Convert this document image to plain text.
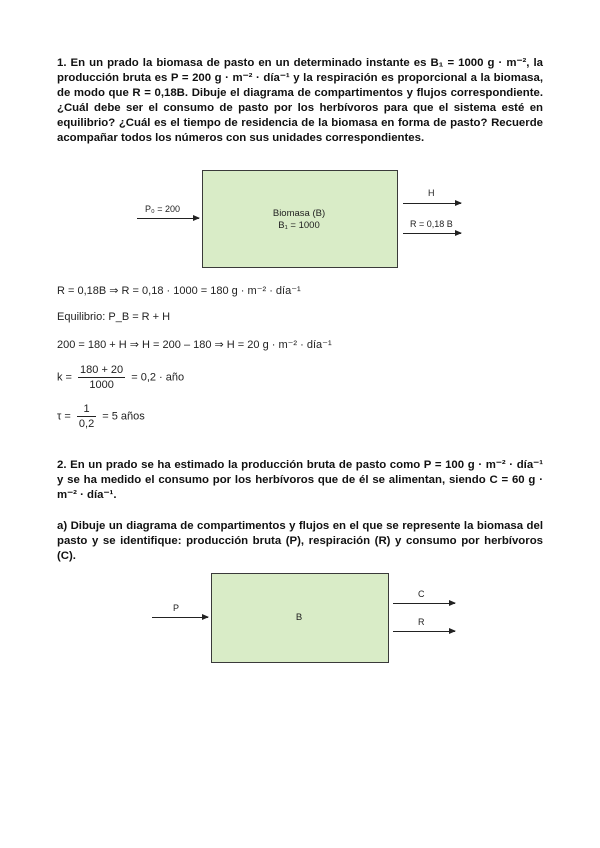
1. En un prado la biomasa de pasto en un determinado instante es B₁ = 1000 g · m⁻², la producción bruta es P = 200 g · m⁻² · día⁻¹ y la respiración es proporcional a la biomasa, de modo que R = 0,18B. Dibuje el diagrama de compartimentos y flujos correspondiente. ¿Cuál debe ser el consumo de pasto por los herbívoros para que el sistema esté en equilibrio? ¿Cuál es el tiempo de residencia de la biomasa en forma de pasto? Recuerde acompañar todos los números con sus unidades correspondientes.
P₀ = 200	Biomasa (B)
B₁ = 1000
H
R = 0,18 B
R = 0,18B ⇒ R = 0,18 · 1000 = 180 g · m⁻² · día⁻¹
Equilibrio: P_B = R + H
200 = 180 + H ⇒ H = 200 – 180 ⇒ H = 20 g · m⁻² · día⁻¹
$k = \frac{180 + 20}{1000} = 0,2$ · año
$\tau = \frac{1}{0,2} = 5$ años
2. En un prado se ha estimado la producción bruta de pasto como P = 100 g · m⁻² · día⁻¹ y se ha medido el consumo por los herbívoros que de él se alimentan, siendo C = 60 g · m⁻² · día⁻¹.
a) Dibuje un diagrama de compartimentos y flujos en el que se represente la biomasa del pasto y se identifique: producción bruta (P), respiración (R) y consumo por herbívoros (C).
P
B
C
R
